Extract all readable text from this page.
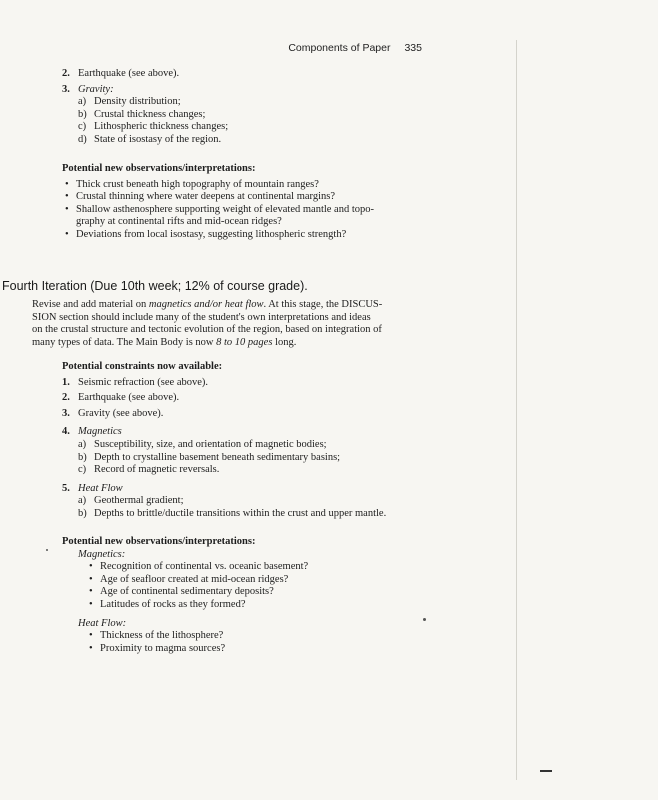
Components of Paper 335
2. Earthquake (see above).
3. Gravity:
a) Density distribution;
b) Crustal thickness changes;
c) Lithospheric thickness changes;
d) State of isostasy of the region.
Potential new observations/interpretations:
• Thick crust beneath high topography of mountain ranges?
• Crustal thinning where water deepens at continental margins?
• Shallow asthenosphere supporting weight of elevated mantle and topo-
graphy at continental rifts and mid-ocean ridges?
• Deviations from local isostasy, suggesting lithospheric strength?
Fourth Iteration (Due 10th week; 12% of course grade).
Revise and add material on magnetics and/or heat flow. At this stage, the DISCUS-
SION section should include many of the student's own interpretations and ideas
on the crustal structure and tectonic evolution of the region, based on integration of
many types of data. The Main Body is now 8 to 10 pages long.
Potential constraints now available:
1. Seismic refraction (see above).
2. Earthquake (see above).
3. Gravity (see above).
4. Magnetics
a) Susceptibility, size, and orientation of magnetic bodies;
b) Depth to crystalline basement beneath sedimentary basins;
c) Record of magnetic reversals.
5. Heat Flow
a) Geothermal gradient;
b) Depths to brittle/ductile transitions within the crust and upper mantle.
Potential new observations/interpretations:
Magnetics:
• Recognition of continental vs. oceanic basement?
• Age of seafloor created at mid-ocean ridges?
• Age of continental sedimentary deposits?
• Latitudes of rocks as they formed?
Heat Flow:
• Thickness of the lithosphere?
• Proximity to magma sources?
